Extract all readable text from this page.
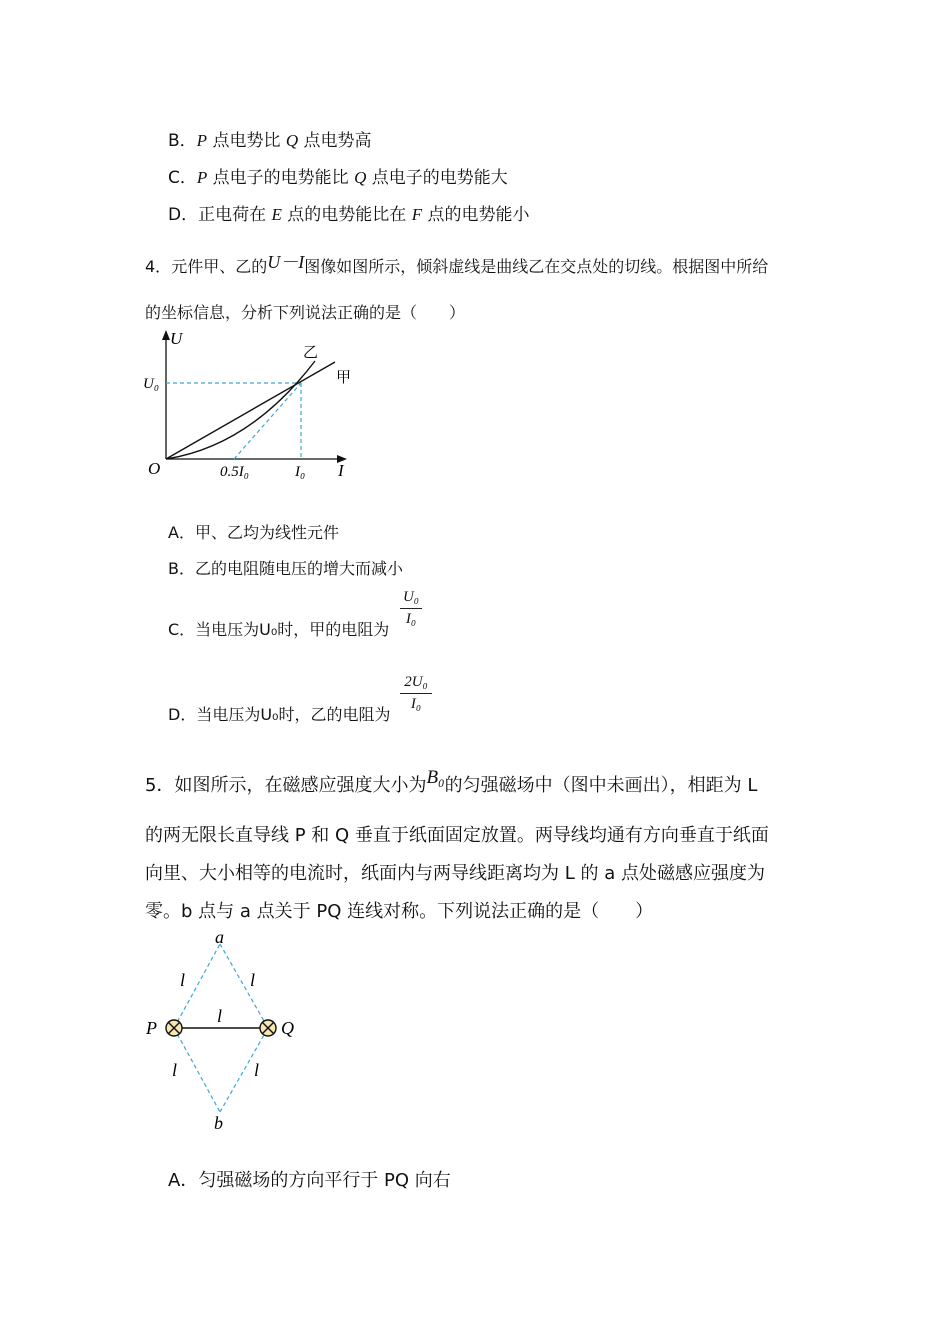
B．P 点电势比 Q 点电势高
C．P 点电子的电势能比 Q 点电子的电势能大
D．正电荷在 E 点的电势能比在 F 点的电势能小
4．元件甲、乙的U－I图像如图所示，倾斜虚线是曲线乙在交点处的切线。根据图中所给
的坐标信息，分析下列说法正确的是（　　）
U
I
O
U₀
0.5I₀	I₀
乙
甲
A．甲、乙均为线性元件
B．乙的电阻随电压的增大而减小
C．当电压为U₀时，甲的电阻为
U₀
I₀
D．当电压为U₀时，乙的电阻为
2U₀
I₀
5．如图所示，在磁感应强度大小为B₀的匀强磁场中（图中未画出），相距为 L
的两无限长直导线 P 和 Q 垂直于纸面固定放置。两导线均通有方向垂直于纸面
向里、大小相等的电流时，纸面内与两导线距离均为 L 的 a 点处磁感应强度为
零。b 点与 a 点关于 PQ 连线对称。下列说法正确的是（　　）
a
b
P	Q
l	l
l
l	l
A．匀强磁场的方向平行于 PQ 向右
